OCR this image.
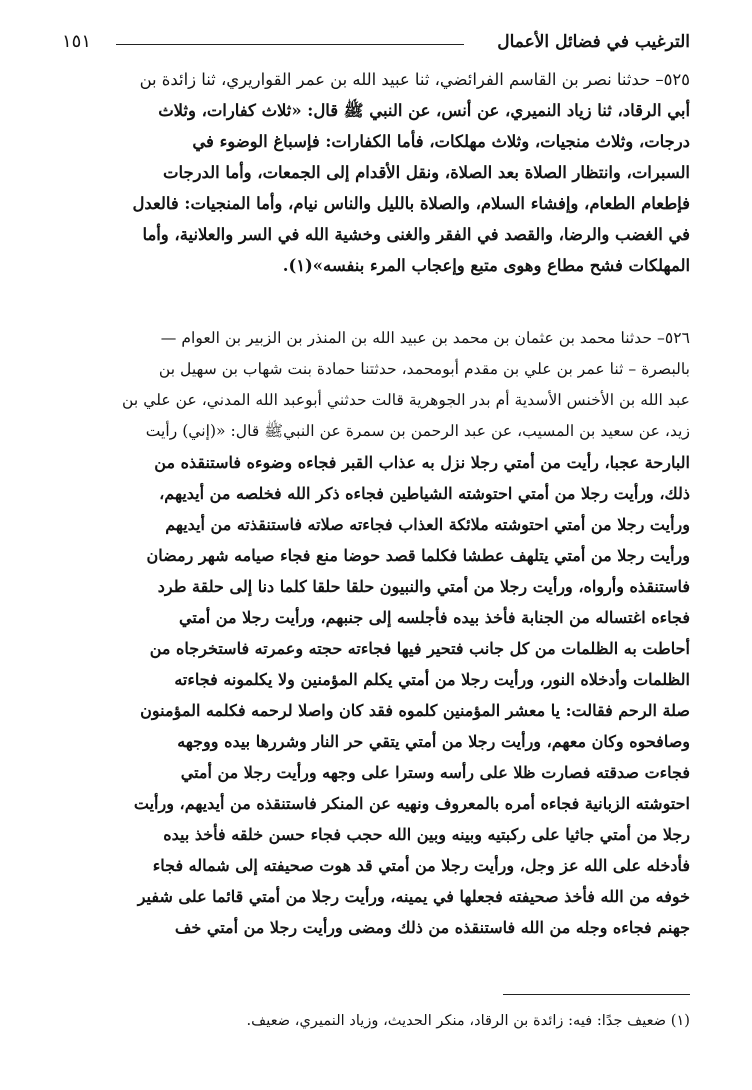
الترغيب في فضائل الأعمال
١٥١
٥٢٥– حدثنا نصر بن القاسم الفرائضي، ثنا عبيد الله بن عمر القواريري، ثنا زائدة بن
أبي الرقاد، ثنا زياد النميري، عن أنس، عن النبي ﷺ قال: «ثلاث كفارات، وثلاث
درجات، وثلاث منجيات، وثلاث مهلكات، فأما الكفارات: فإسباغ الوضوء في
السبرات، وانتظار الصلاة بعد الصلاة، ونقل الأقدام إلى الجمعات، وأما الدرجات
فإطعام الطعام، وإفشاء السلام، والصلاة بالليل والناس نيام، وأما المنجيات: فالعدل
في الغضب والرضا، والقصد في الفقر والغنى وخشية الله في السر والعلانية، وأما
المهلكات فشح مطاع وهوى متبع وإعجاب المرء بنفسه»(١).
٥٢٦– حدثنا محمد بن عثمان بن محمد بن عبيد الله بن المنذر بن الزبير بن العوام —
بالبصرة – ثنا عمر بن علي بن مقدم أبومحمد، حدثتنا حمادة بنت شهاب بن سهيل بن
عبد الله بن الأخنس الأسدية أم بدر الجوهرية قالت حدثني أبوعبد الله المدني، عن علي بن
زيد، عن سعيد بن المسيب، عن عبد الرحمن بن سمرة عن النبيﷺ قال: «(إني) رأيت
البارحة عجبا، رأيت من أمتي رجلا نزل به عذاب القبر فجاءه وضوءه فاستنقذه من
ذلك، ورأيت رجلا من أمتي احتوشته الشياطين فجاءه ذكر الله فخلصه من أيديهم،
ورأيت رجلا من أمتي احتوشته ملائكة العذاب فجاءته صلاته فاستنقذته من أيديهم
ورأيت رجلا من أمتي يتلهف عطشا فكلما قصد حوضا منع فجاء صيامه شهر رمضان
فاستنقذه وأرواه، ورأيت رجلا من أمتي والنبيون حلقا حلقا كلما دنا إلى حلقة طرد
فجاءه اغتساله من الجنابة فأخذ بيده فأجلسه إلى جنبهم، ورأيت رجلا من أمتي
أحاطت به الظلمات من كل جانب فتحير فيها فجاءته حجته وعمرته فاستخرجاه من
الظلمات وأدخلاه النور، ورأيت رجلا من أمتي يكلم المؤمنين ولا يكلمونه فجاءته
صلة الرحم فقالت: يا معشر المؤمنين كلموه فقد كان واصلا لرحمه فكلمه المؤمنون
وصافحوه وكان معهم، ورأيت رجلا من أمتي يتقي حر النار وشررها بيده ووجهه
فجاءت صدقته فصارت ظلا على رأسه وسترا على وجهه ورأيت رجلا من أمتي
احتوشته الزبانية فجاءه أمره بالمعروف ونهيه عن المنكر فاستنقذه من أيديهم، ورأيت
رجلا من أمتي جاثيا على ركبتيه وبينه وبين الله حجب فجاء حسن خلقه فأخذ بيده
فأدخله على الله عز وجل، ورأيت رجلا من أمتي قد هوت صحيفته إلى شماله فجاء
خوفه من الله فأخذ صحيفته فجعلها في يمينه، ورأيت رجلا من أمتي قائما على شفير
جهنم فجاءه وجله من الله فاستنقذه من ذلك ومضى ورأيت رجلا من أمتي خف
(١) ضعيف جدًا: فيه: زائدة بن الرقاد، منكر الحديث، وزياد النميري، ضعيف.
